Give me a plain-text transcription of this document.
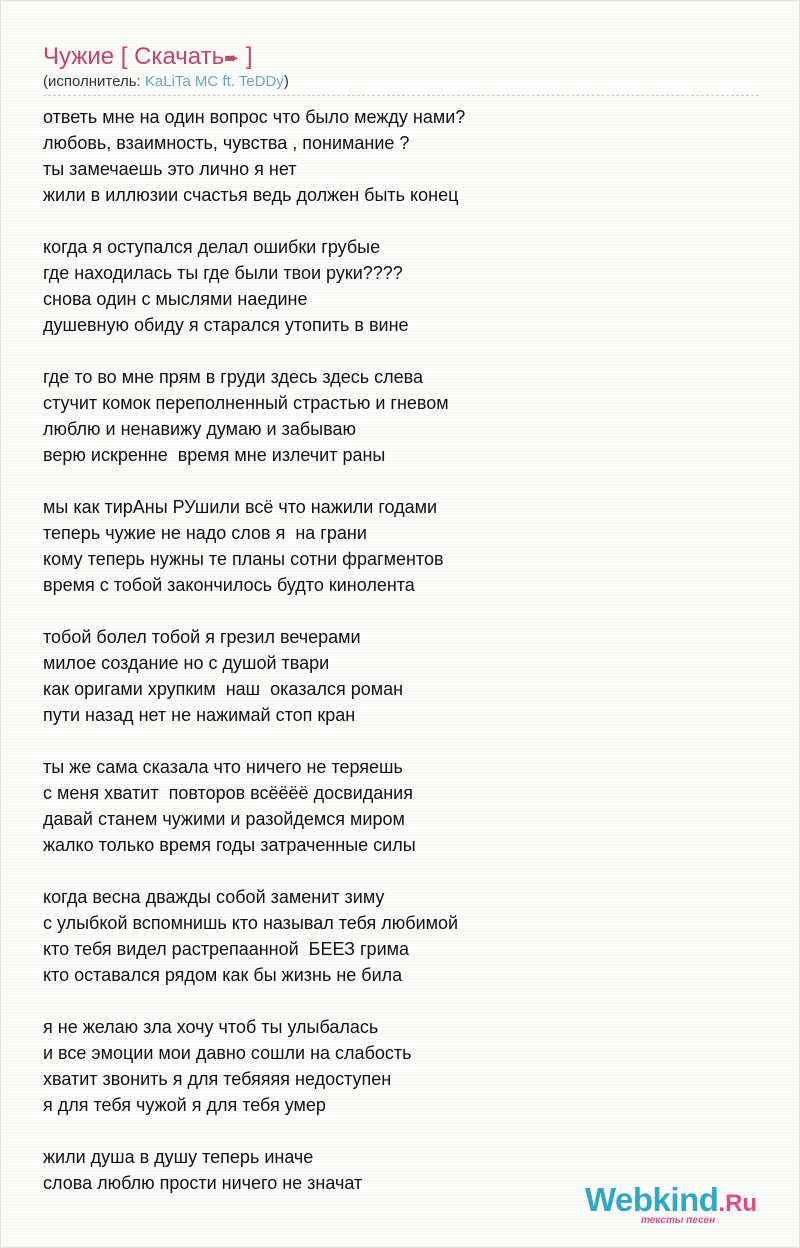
Чужие [ Скачать➨ ]
(исполнитель: KaLiTa MC ft. TeDDy)
ответь мне на один вопрос что было между нами?
любовь, взаимность, чувства , понимание ?
ты замечаешь это лично я нет
жили в иллюзии счастья ведь должен быть конец
когда я оступался делал ошибки грубые
где находилась ты где были твои руки????
снова один с мыслями наедине
душевную обиду я старался утопить в вине
где то во мне прям в груди здесь здесь слева
стучит комок переполненный страстью и гневом
люблю и ненавижу думаю и забываю
верю искренне  время мне излечит раны
мы как тирАны РУшили всё что нажили годами
теперь чужие не надо слов я  на грани
кому теперь нужны те планы сотни фрагментов
время с тобой закончилось будто кинолента
тобой болел тобой я грезил вечерами
милое создание но с душой твари
как оригами хрупким  наш  оказался роман
пути назад нет не нажимай стоп кран
ты же сама сказала что ничего не теряешь
с меня хватит  повторов всёёёё досвидания
давай станем чужими и разойдемся миром
жалко только время годы затраченные силы
когда весна дважды собой заменит зиму
с улыбкой вспомнишь кто называл тебя любимой
кто тебя видел растрепаанной  БЕЕЗ грима
кто оставался рядом как бы жизнь не била
я не желаю зла хочу чтоб ты улыбалась
и все эмоции мои давно сошли на слабость
хватит звонить я для тебяяяя недоступен
я для тебя чужой я для тебя умер
жили душа в душу теперь иначе
слова люблю прости ничего не значат	Webkind.Ru
тексты песен
